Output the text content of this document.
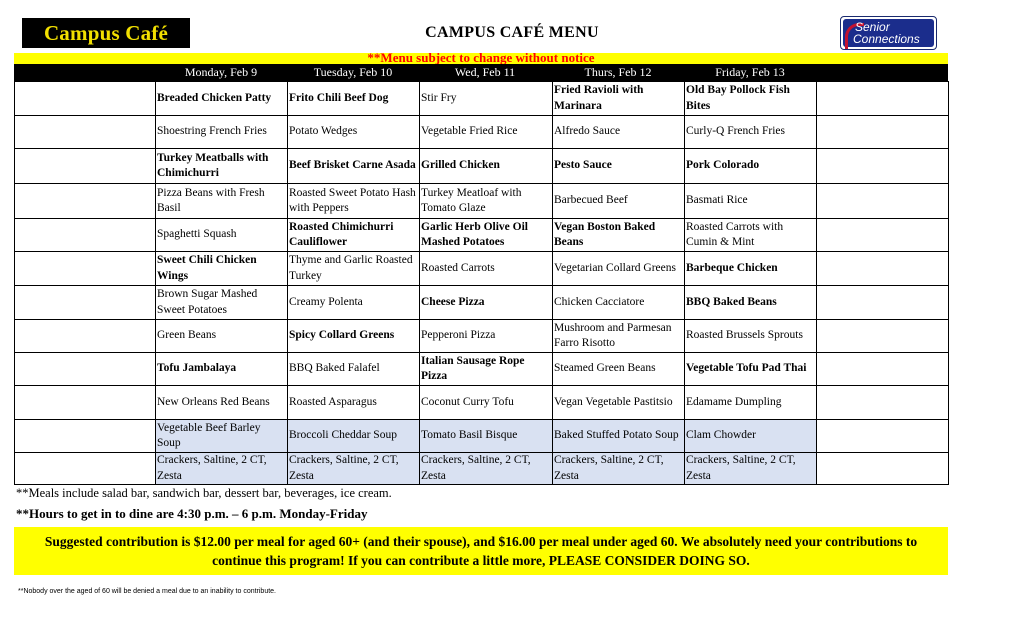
Campus Café	CAMPUS CAFÉ MENU	Senior
Connections
**Menu subject to change without notice
Monday, Feb 9	Tuesday, Feb 10	Wed, Feb 11	Thurs, Feb 12	Friday, Feb 13
	Breaded Chicken Patty	Frito Chili Beef Dog	Stir Fry	Fried Ravioli with Marinara	Old Bay Pollock Fish Bites	
	Shoestring French Fries	Potato Wedges	Vegetable Fried Rice	Alfredo Sauce	Curly-Q French Fries	
	Turkey Meatballs with Chimichurri	Beef Brisket Carne Asada	Grilled Chicken	Pesto Sauce	Pork Colorado	
	Pizza Beans with Fresh Basil	Roasted Sweet Potato Hash with Peppers	Turkey Meatloaf with Tomato Glaze	Barbecued Beef	Basmati Rice	
	Spaghetti Squash	Roasted Chimichurri Cauliflower	Garlic Herb Olive Oil Mashed Potatoes	Vegan Boston Baked Beans	Roasted Carrots with Cumin & Mint	
	Sweet Chili Chicken Wings	Thyme and Garlic Roasted Turkey	Roasted Carrots	Vegetarian Collard Greens	Barbeque Chicken	
	Brown Sugar Mashed Sweet Potatoes	Creamy Polenta	Cheese Pizza	Chicken Cacciatore	BBQ Baked Beans	
	Green Beans	Spicy Collard Greens	Pepperoni Pizza	Mushroom and Parmesan Farro Risotto	Roasted Brussels Sprouts	
	Tofu Jambalaya	BBQ Baked Falafel	Italian Sausage Rope Pizza	Steamed Green Beans	Vegetable Tofu Pad Thai	
	New Orleans Red Beans	Roasted Asparagus	Coconut Curry Tofu	Vegan Vegetable Pastitsio	Edamame Dumpling	
	Vegetable Beef Barley Soup	Broccoli Cheddar Soup	Tomato Basil Bisque	Baked Stuffed Potato Soup	Clam Chowder	
	Crackers, Saltine, 2 CT, Zesta	Crackers, Saltine, 2 CT, Zesta	Crackers, Saltine, 2 CT, Zesta	Crackers, Saltine, 2 CT, Zesta	Crackers, Saltine, 2 CT, Zesta	
**Meals include salad bar, sandwich bar, dessert bar, beverages, ice cream.
**Hours to get in to dine are 4:30 p.m. – 6 p.m. Monday-Friday
Suggested contribution is $12.00 per meal for aged 60+ (and their spouse), and $16.00 per meal under aged 60. We absolutely need your contributions to continue this program! If you can contribute a little more, PLEASE CONSIDER DOING SO.
**Nobody over the aged of 60 will be denied a meal due to an inability to contribute.
